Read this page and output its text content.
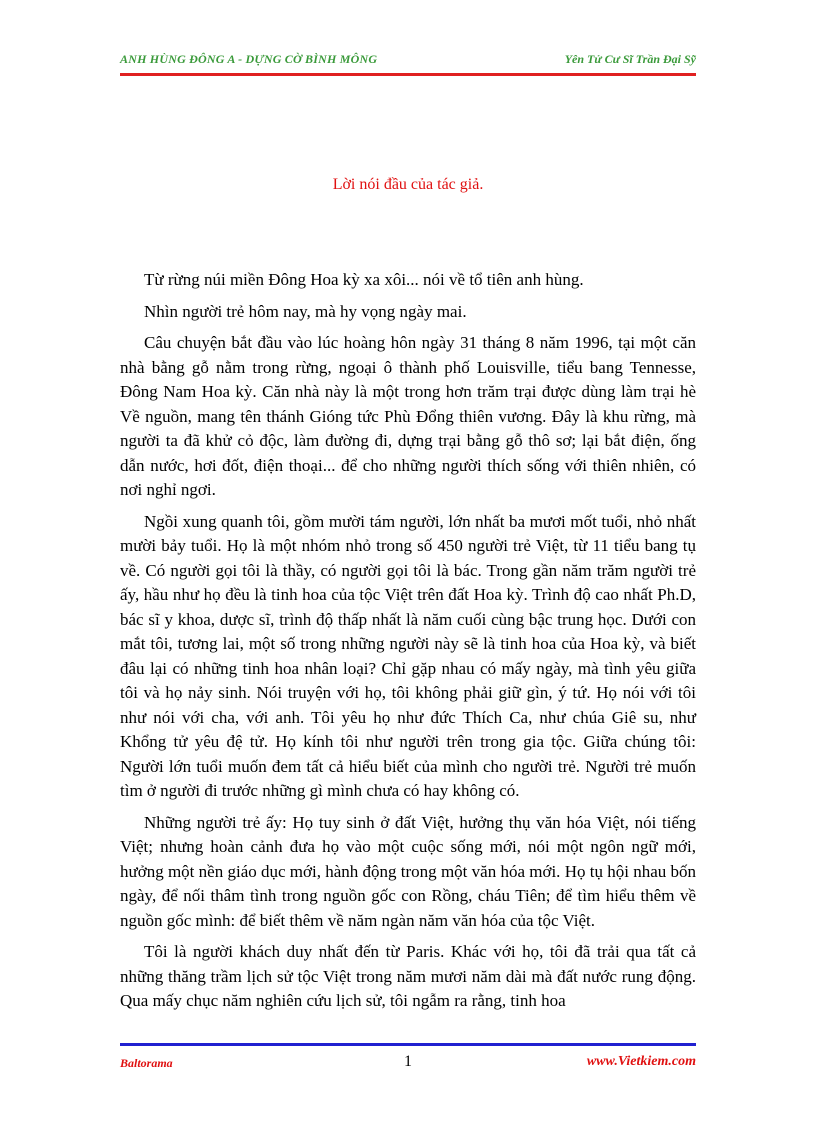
ANH HÙNG ĐÔNG A - DỰNG CỜ BÌNH MÔNG	Yên Tử Cư Sĩ Trần Đại Sỹ
Lời nói đầu của tác giả.

Từ rừng núi miền Đông Hoa kỳ xa xôi... nói về tổ tiên anh hùng.

Nhìn người trẻ hôm nay, mà hy vọng ngày mai.

Câu chuyện bắt đầu vào lúc hoàng hôn ngày 31 tháng 8 năm 1996, tại một căn nhà bằng gỗ nằm trong rừng, ngoại ô thành phố Louisville, tiểu bang Tennesse, Đông Nam Hoa kỳ. Căn nhà này là một trong hơn trăm trại được dùng làm trại hè Về nguồn, mang tên thánh Gióng tức Phù Đổng thiên vương. Đây là khu rừng, mà người ta đã khử cỏ độc, làm đường đi, dựng trại bằng gỗ thô sơ; lại bắt điện, ống dẫn nước, hơi đốt, điện thoại... để cho những người thích sống với thiên nhiên, có nơi nghỉ ngơi.

Ngồi xung quanh tôi, gồm mười tám người, lớn nhất ba mươi mốt tuổi, nhỏ nhất mười bảy tuổi. Họ là một nhóm nhỏ trong số 450 người trẻ Việt, từ 11 tiểu bang tụ về. Có người gọi tôi là thầy, có người gọi tôi là bác. Trong gần năm trăm người trẻ ấy, hầu như họ đều là tinh hoa của tộc Việt trên đất Hoa kỳ. Trình độ cao nhất Ph.D, bác sĩ y khoa, dược sĩ, trình độ thấp nhất là năm cuối cùng bậc trung học. Dưới con mắt tôi, tương lai, một số trong những người này sẽ là tinh hoa của Hoa kỳ, và biết đâu lại có những tinh hoa nhân loại? Chỉ gặp nhau có mấy ngày, mà tình yêu giữa tôi và họ nảy sinh. Nói truyện với họ, tôi không phải giữ gìn, ý tứ. Họ nói với tôi như nói với cha, với anh. Tôi yêu họ như đức Thích Ca, như chúa Giê su, như Khổng tử yêu đệ tử. Họ kính tôi như người trên trong gia tộc. Giữa chúng tôi: Người lớn tuổi muốn đem tất cả hiểu biết của mình cho người trẻ. Người trẻ muốn tìm ở người đi trước những gì mình chưa có hay không có.

Những người trẻ ấy: Họ tuy sinh ở đất Việt, hưởng thụ văn hóa Việt, nói tiếng Việt; nhưng hoàn cảnh đưa họ vào một cuộc sống mới, nói một ngôn ngữ mới, hưởng một nền giáo dục mới, hành động trong một văn hóa mới. Họ tụ hội nhau bốn ngày, để nối thâm tình trong nguồn gốc con Rồng, cháu Tiên; để tìm hiểu thêm về nguồn gốc mình: để biết thêm về năm ngàn năm văn hóa của tộc Việt.

Tôi là người khách duy nhất đến từ Paris. Khác với họ, tôi đã trải qua tất cả những thăng trầm lịch sử tộc Việt trong năm mươi năm dài mà đất nước rung động. Qua mấy chục năm nghiên cứu lịch sử, tôi ngẫm ra rằng, tinh hoa

Baltorama	1	www.Vietkiem.com
